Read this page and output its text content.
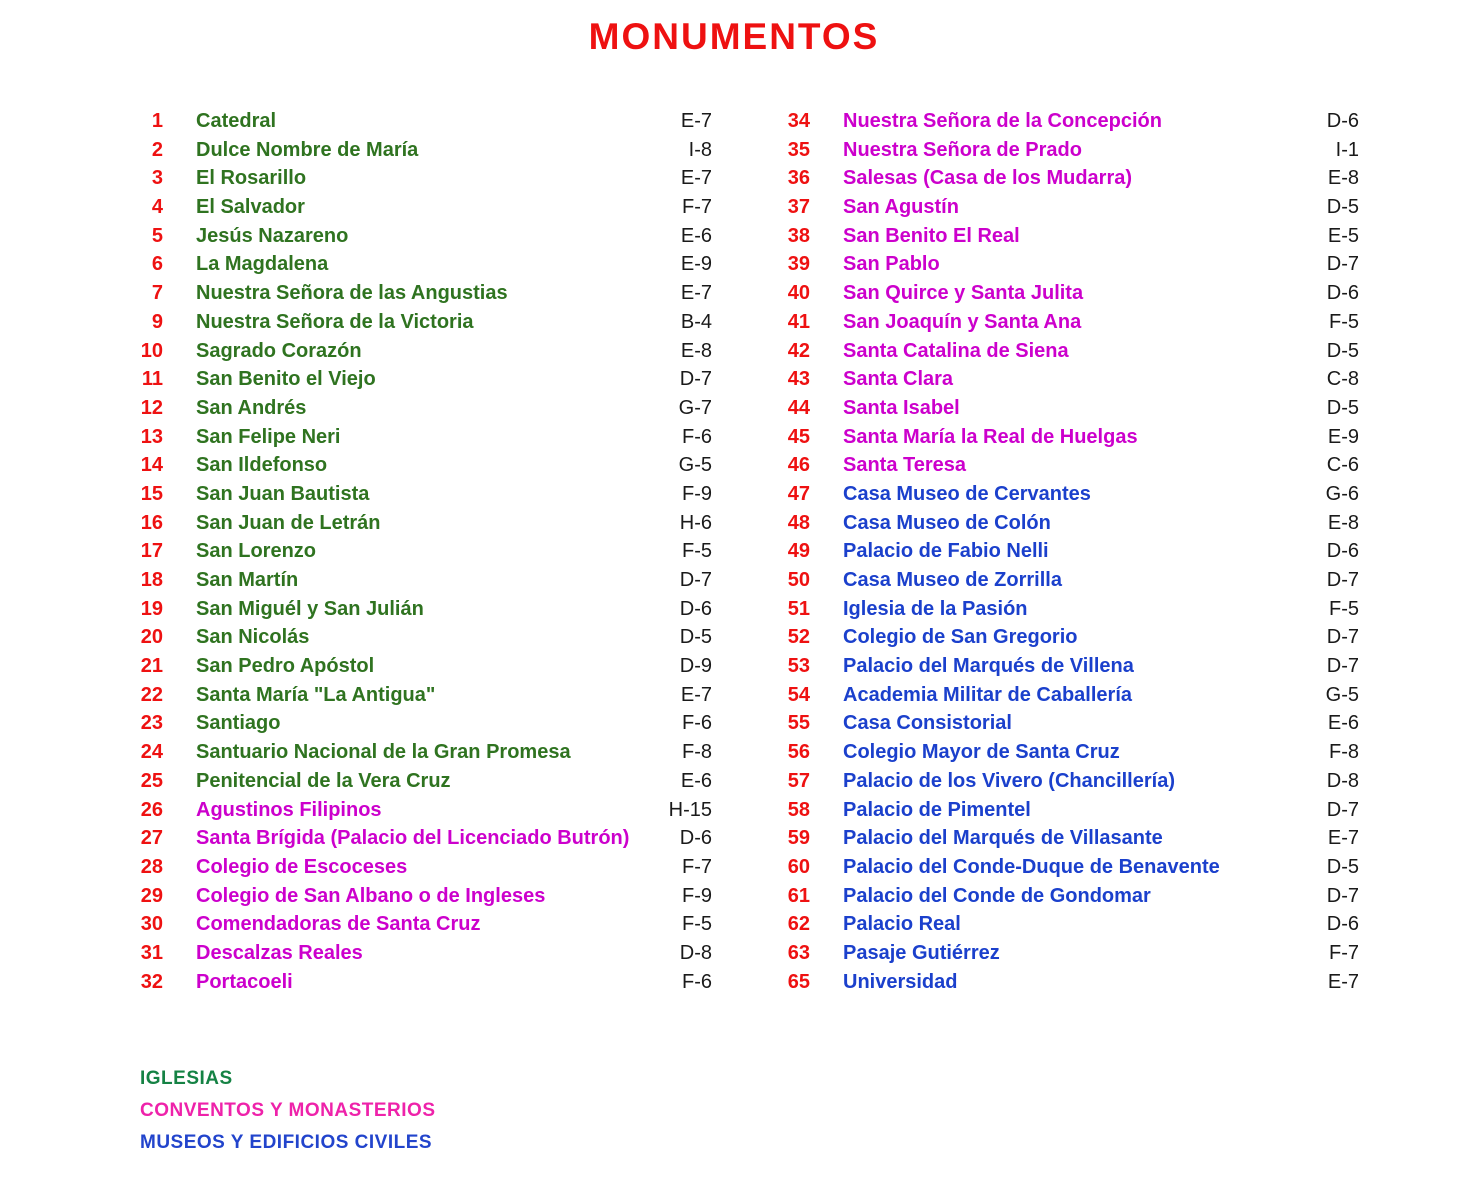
MONUMENTOS
1	Catedral	E-7
2	Dulce Nombre de María	I-8
3	El Rosarillo	E-7
4	El Salvador	F-7
5	Jesús Nazareno	E-6
6	La Magdalena	E-9
7	Nuestra Señora de las Angustias	E-7
9	Nuestra Señora de la Victoria	B-4
10	Sagrado Corazón	E-8
11	San Benito el Viejo	D-7
12	San Andrés	G-7
13	San Felipe Neri	F-6
14	San Ildefonso	G-5
15	San Juan Bautista	F-9
16	San Juan de Letrán	H-6
17	San Lorenzo	F-5
18	San Martín	D-7
19	San Miguél y San Julián	D-6
20	San Nicolás	D-5
21	San Pedro Apóstol	D-9
22	Santa María "La Antigua"	E-7
23	Santiago	F-6
24	Santuario Nacional de la Gran Promesa	F-8
25	Penitencial de la Vera Cruz	E-6
26	Agustinos Filipinos	H-15
27	Santa Brígida (Palacio del Licenciado Butrón)	D-6
28	Colegio de Escoceses	F-7
29	Colegio de San Albano o de Ingleses	F-9
30	Comendadoras de Santa Cruz	F-5
31	Descalzas Reales	D-8
32	Portacoeli	F-6
34	Nuestra Señora de la Concepción	D-6
35	Nuestra Señora de Prado	I-1
36	Salesas (Casa de los Mudarra)	E-8
37	San Agustín	D-5
38	San Benito El Real	E-5
39	San Pablo	D-7
40	San Quirce y Santa Julita	D-6
41	San Joaquín y Santa Ana	F-5
42	Santa Catalina de Siena	D-5
43	Santa Clara	C-8
44	Santa Isabel	D-5
45	Santa María la Real de Huelgas	E-9
46	Santa Teresa	C-6
47	Casa Museo de Cervantes	G-6
48	Casa Museo de Colón	E-8
49	Palacio de Fabio Nelli	D-6
50	Casa Museo de Zorrilla	D-7
51	Iglesia de la Pasión	F-5
52	Colegio de San Gregorio	D-7
53	Palacio del Marqués de Villena	D-7
54	Academia Militar de Caballería	G-5
55	Casa Consistorial	E-6
56	Colegio Mayor de Santa Cruz	F-8
57	Palacio de los Vivero (Chancillería)	D-8
58	Palacio de Pimentel	D-7
59	Palacio del Marqués de Villasante	E-7
60	Palacio del Conde-Duque de Benavente	D-5
61	Palacio del Conde de Gondomar	D-7
62	Palacio Real	D-6
63	Pasaje Gutiérrez	F-7
65	Universidad	E-7
IGLESIAS
CONVENTOS Y MONASTERIOS
MUSEOS Y EDIFICIOS CIVILES
